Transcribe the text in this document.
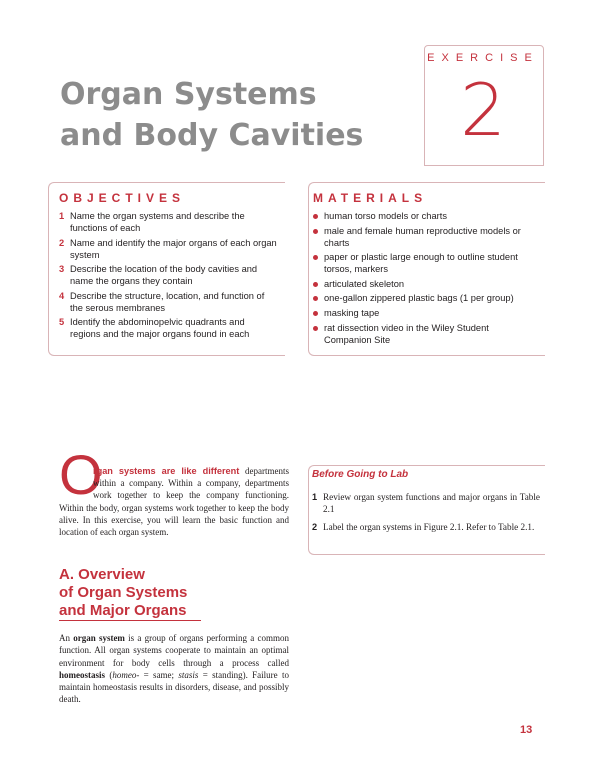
EXERCISE
2
Organ Systems
and Body Cavities
OBJECTIVES
1 Name the organ systems and describe the functions of each
2 Name and identify the major organs of each organ system
3 Describe the location of the body cavities and name the organs they contain
4 Describe the structure, location, and function of the serous membranes
5 Identify the abdominopelvic quadrants and regions and the major organs found in each
MATERIALS
human torso models or charts
male and female human reproductive models or charts
paper or plastic large enough to outline student torsos, markers
articulated skeleton
one-gallon zippered plastic bags (1 per group)
masking tape
rat dissection video in the Wiley Student Companion Site
O
rgan systems are like different departments within a company. Within a company, departments work together to keep the company functioning. Within the body, organ systems work together to keep the body alive. In this exercise, you will learn the basic function and location of each organ system.
Before Going to Lab
1 Review organ system functions and major organs in Table 2.1
2 Label the organ systems in Figure 2.1. Refer to Table 2.1.
A. Overview
of Organ Systems
and Major Organs
An organ system is a group of organs performing a common function. All organ systems cooperate to maintain an optimal environment for body cells through a process called homeostasis (homeo- = same; stasis = standing). Failure to maintain homeostasis results in disorders, disease, and possibly death.
13
